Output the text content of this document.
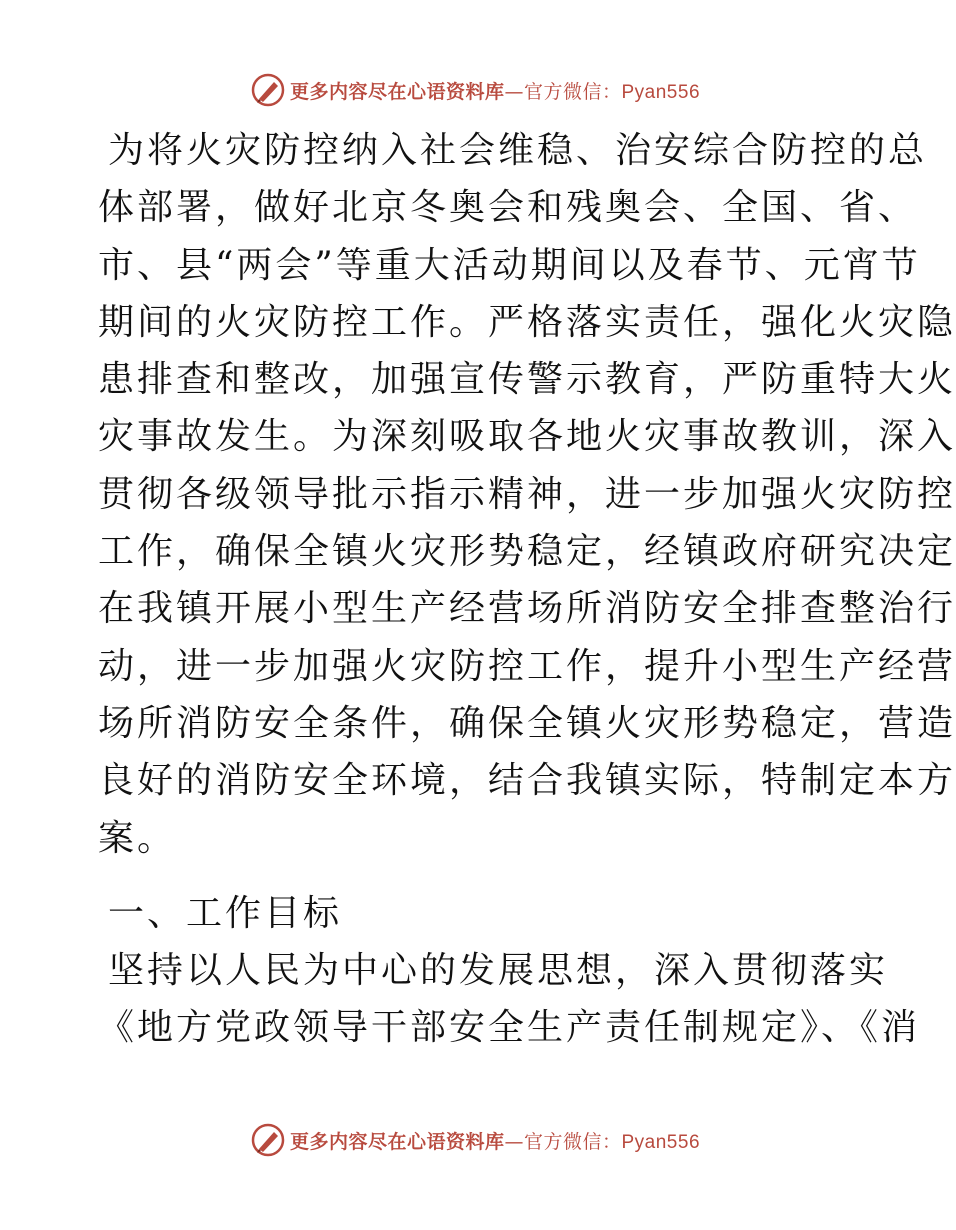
更多内容尽在心语资料库—官方微信：Pyan556
为将火灾防控纳入社会维稳、治安综合防控的总
体部署，做好北京冬奥会和残奥会、全国、省、
市、县“两会”等重大活动期间以及春节、元宵节
期间的火灾防控工作。严格落实责任，强化火灾隐
患排查和整改，加强宣传警示教育，严防重特大火
灾事故发生。为深刻吸取各地火灾事故教训，深入
贯彻各级领导批示指示精神，进一步加强火灾防控
工作，确保全镇火灾形势稳定，经镇政府研究决定
在我镇开展小型生产经营场所消防安全排查整治行
动，进一步加强火灾防控工作，提升小型生产经营
场所消防安全条件，确保全镇火灾形势稳定，营造
良好的消防安全环境，结合我镇实际，特制定本方
案。
一、工作目标
坚持以人民为中心的发展思想，深入贯彻落实
《地方党政领导干部安全生产责任制规定》、《消
更多内容尽在心语资料库—官方微信：Pyan556
